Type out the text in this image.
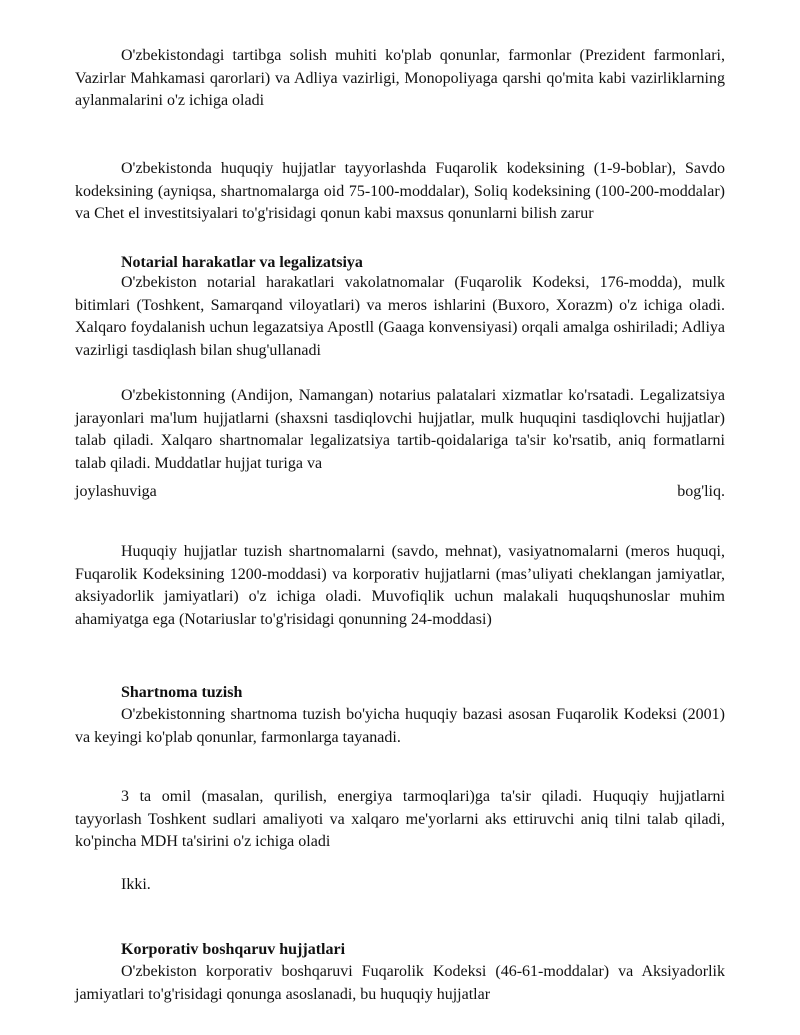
O'zbekistondagi tartibga solish muhiti ko'plab qonunlar, farmonlar (Prezident farmonlari, Vazirlar Mahkamasi qarorlari) va Adliya vazirligi, Monopoliyaga qarshi qo'mita kabi vazirliklarning aylanmalarini o'z ichiga oladi

O'zbekistonda huquqiy hujjatlar tayyorlashda Fuqarolik kodeksining (1-9-boblar), Savdo kodeksining (ayniqsa, shartnomalarga oid 75-100-moddalar), Soliq kodeksining (100-200-moddalar) va Chet el investitsiyalari to'g'risidagi qonun kabi maxsus qonunlarni bilish zarur

Notarial harakatlar va legalizatsiya

O'zbekiston notarial harakatlari vakolatnomalar (Fuqarolik Kodeksi, 176-modda), mulk bitimlari (Toshkent, Samarqand viloyatlari) va meros ishlarini (Buxoro, Xorazm) o'z ichiga oladi. Xalqaro foydalanish uchun legazatsiya Apostll (Gaaga konvensiyasi) orqali amalga oshiriladi; Adliya vazirligi tasdiqlash bilan shug'ullanadi

O'zbekistonning (Andijon, Namangan) notarius palatalari xizmatlar ko'rsatadi. Legalizatsiya jarayonlari ma'lum hujjatlarni (shaxsni tasdiqlovchi hujjatlar, mulk huquqini tasdiqlovchi hujjatlar) talab qiladi. Xalqaro shartnomalar legalizatsiya tartib-qoidalariga ta'sir ko'rsatib, aniq formatlarni talab qiladi. Muddatlar hujjat turiga va

joylashuviga	bog'liq.

Huquqiy hujjatlar tuzish shartnomalarni (savdo, mehnat), vasiyatnomalarni (meros huquqi, Fuqarolik Kodeksining 1200-moddasi) va korporativ hujjatlarni (mas’uliyati cheklangan jamiyatlar, aksiyadorlik jamiyatlari) o'z ichiga oladi. Muvofiqlik uchun malakali huquqshunoslar muhim ahamiyatga ega (Notariuslar to'g'risidagi qonunning 24-moddasi)

Shartnoma tuzish

O'zbekistonning shartnoma tuzish bo'yicha huquqiy bazasi asosan Fuqarolik Kodeksi (2001) va keyingi ko'plab qonunlar, farmonlarga tayanadi.

3 ta omil (masalan, qurilish, energiya tarmoqlari)ga ta'sir qiladi. Huquqiy hujjatlarni tayyorlash Toshkent sudlari amaliyoti va xalqaro me'yorlarni aks ettiruvchi aniq tilni talab qiladi, ko'pincha MDH ta'sirini o'z ichiga oladi

Ikki.

Korporativ boshqaruv hujjatlari

O'zbekiston korporativ boshqaruvi Fuqarolik Kodeksi (46-61-moddalar) va Aksiyadorlik jamiyatlari to'g'risidagi qonunga asoslanadi, bu huquqiy hujjatlar
